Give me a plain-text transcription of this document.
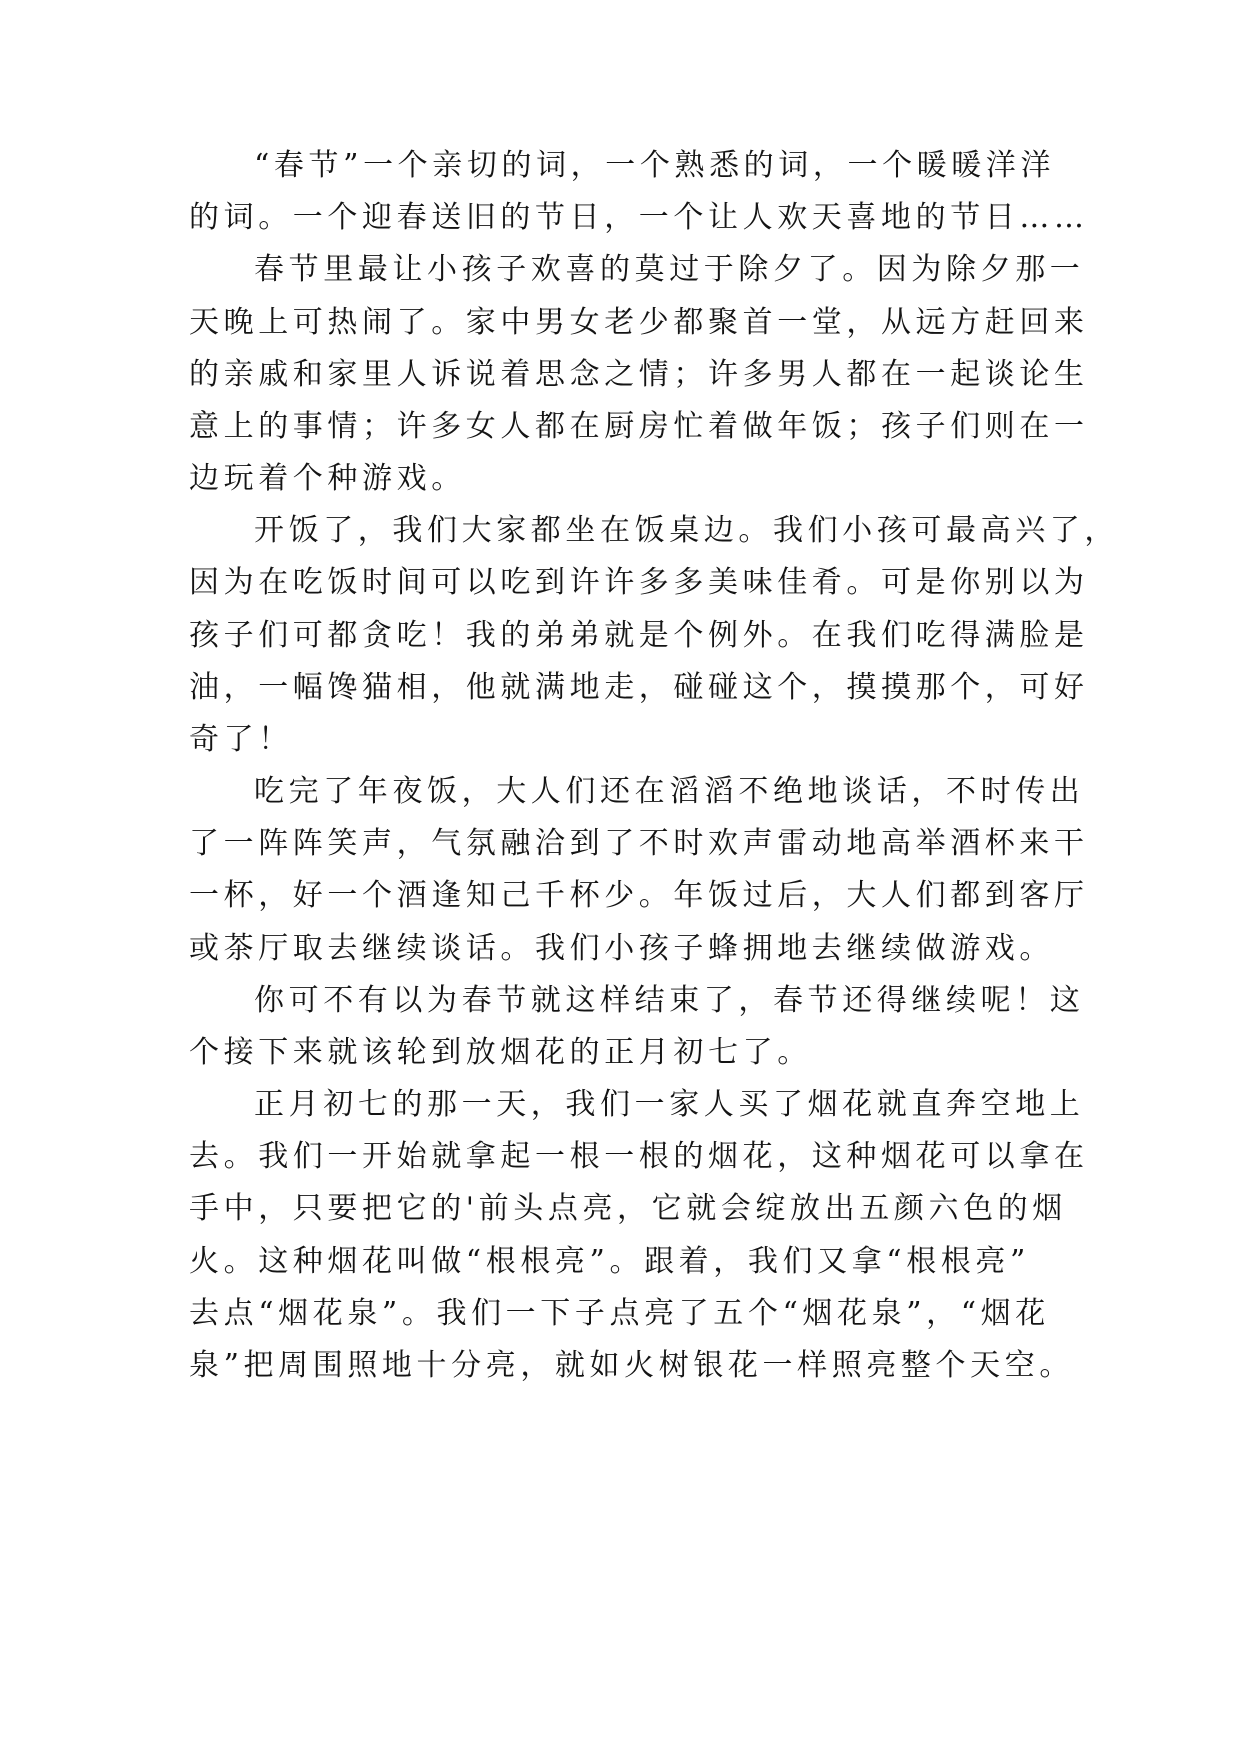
“春节”一个亲切的词，一个熟悉的词，一个暖暖洋洋

的词。一个迎春送旧的节日，一个让人欢天喜地的节日……

春节里最让小孩子欢喜的莫过于除夕了。因为除夕那一

天晚上可热闹了。家中男女老少都聚首一堂，从远方赶回来

的亲戚和家里人诉说着思念之情；许多男人都在一起谈论生

意上的事情；许多女人都在厨房忙着做年饭；孩子们则在一

边玩着个种游戏。

开饭了，我们大家都坐在饭桌边。我们小孩可最高兴了，

因为在吃饭时间可以吃到许许多多美味佳肴。可是你别以为

孩子们可都贪吃！我的弟弟就是个例外。在我们吃得满脸是

油，一幅馋猫相，他就满地走，碰碰这个，摸摸那个，可好

奇了！

吃完了年夜饭，大人们还在滔滔不绝地谈话，不时传出

了一阵阵笑声，气氛融洽到了不时欢声雷动地高举酒杯来干

一杯，好一个酒逢知己千杯少。年饭过后，大人们都到客厅

或茶厅取去继续谈话。我们小孩子蜂拥地去继续做游戏。

你可不有以为春节就这样结束了，春节还得继续呢！这

个接下来就该轮到放烟花的正月初七了。

正月初七的那一天，我们一家人买了烟花就直奔空地上

去。我们一开始就拿起一根一根的烟花，这种烟花可以拿在

手中，只要把它的'前头点亮，它就会绽放出五颜六色的烟

火。这种烟花叫做“根根亮”。跟着，我们又拿“根根亮”

去点“烟花泉”。我们一下子点亮了五个“烟花泉”，“烟花

泉”把周围照地十分亮，就如火树银花一样照亮整个天空。
